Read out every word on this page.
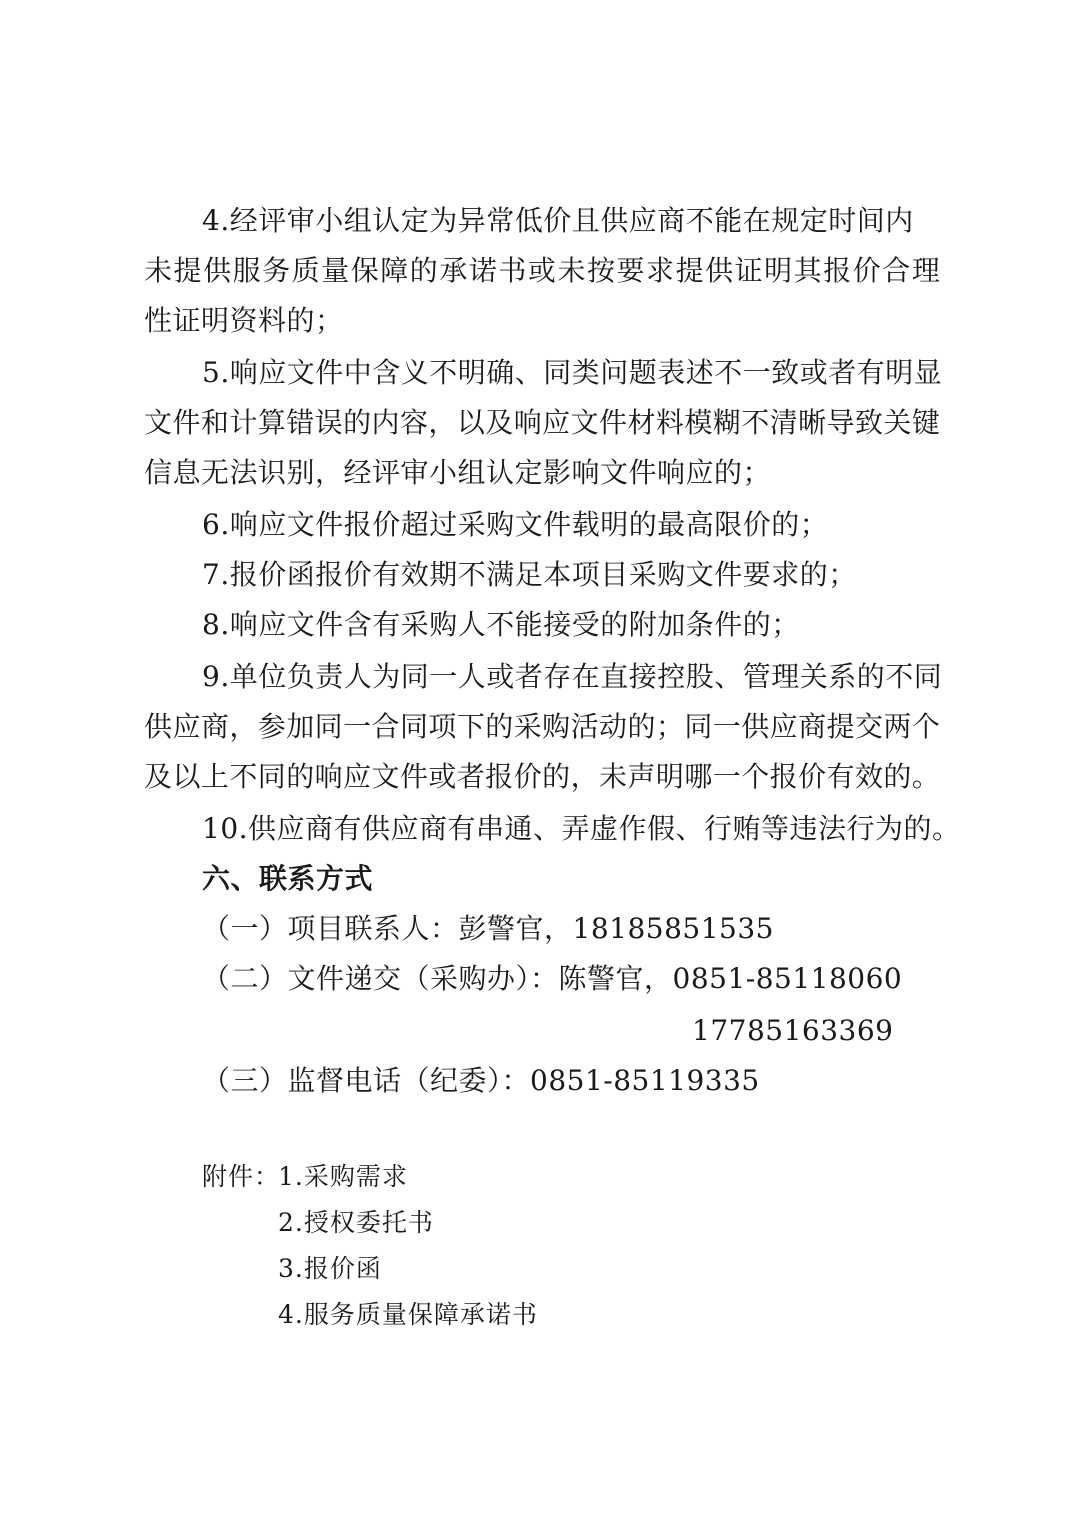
4.经评审小组认定为异常低价且供应商不能在规定时间内
未 提 供 服 务 质 量 保 障 的 承 诺 书 或 未 按 要 求 提 供 证 明 其 报 价 合 理
性证明资料的；
5.响应文件中含义不明确、同类问题表述不一致或者有明显
文 件 和 计 算 错 误 的 内 容 ， 以 及 响 应 文 件 材 料 模 糊 不 清 晰 导 致 关 键
信息无法识别，经评审小组认定影响文件响应的；
6.响应文件报价超过采购文件载明的最高限价的；
7.报价函报价有效期不满足本项目采购文件要求的；
8.响应文件含有采购人不能接受的附加条件的；
9.单位负责人为同一人或者存在直接控股、管理关系的不同
供 应 商 ， 参 加 同 一 合 同 项 下 的 采 购 活 动 的 ； 同 一 供 应 商 提 交 两 个
及 以 上 不 同 的 响 应 文 件 或 者 报 价 的 ， 未 声 明 哪 一 个 报 价 有 效 的 。
10.供应商有供应商有串通、弄虚作假、行贿等违法行为的。
六、联系方式
（一）项目联系人：彭警官，18185851535
（二）文件递交（采购办）：陈警官，0851-85118060
17785163369
（三）监督电话（纪委）：0851-85119335
附件：
1.采购需求
2.授权委托书
3.报价函
4.服务质量保障承诺书
